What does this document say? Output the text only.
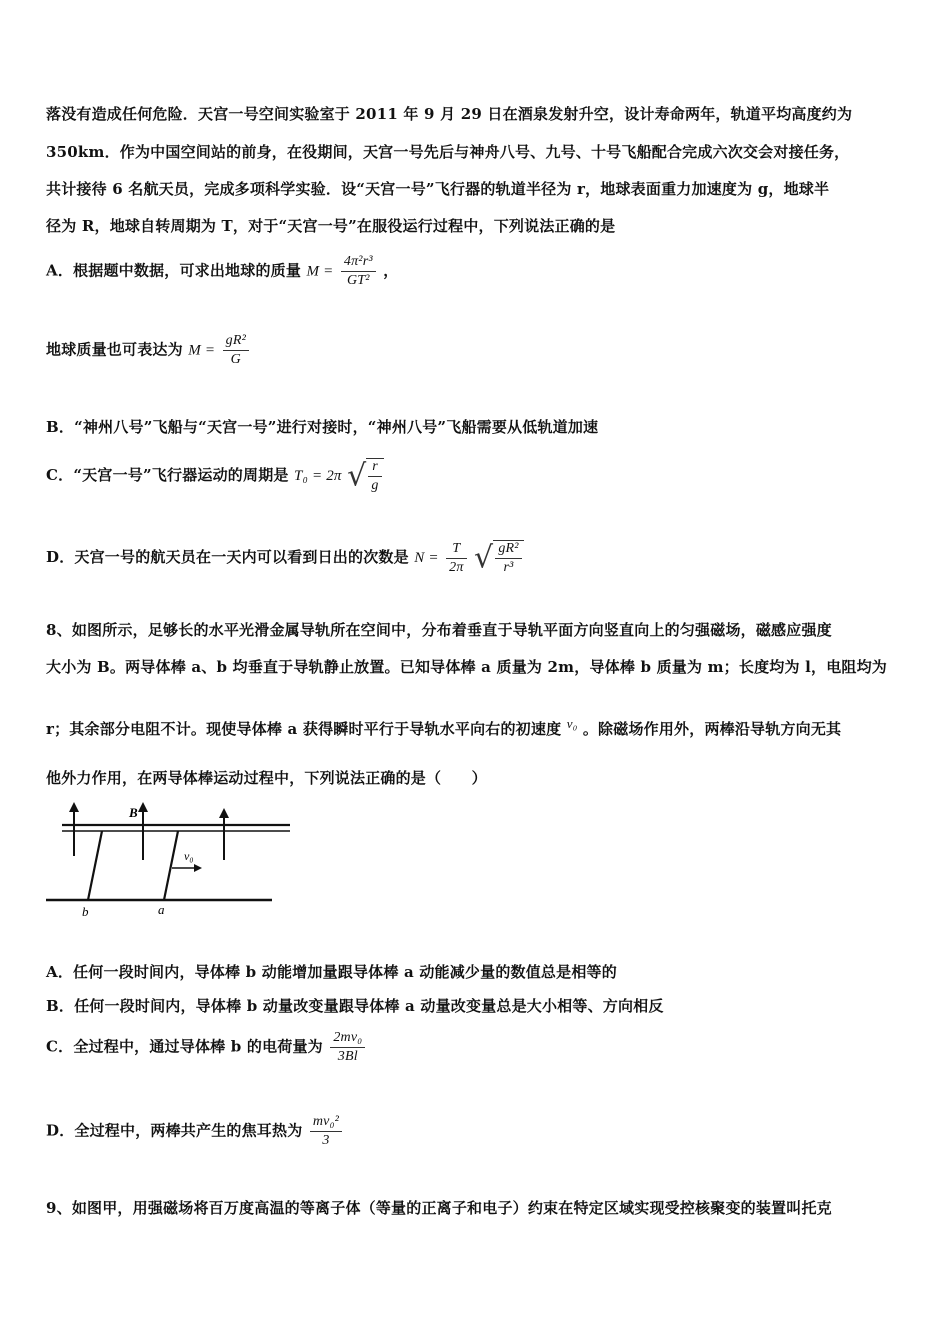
落没有造成任何危险．天宫一号空间实验室于 2011 年 9 月 29 日在酒泉发射升空，设计寿命两年，轨道平均高度约为
350km．作为中国空间站的前身，在役期间，天宫一号先后与神舟八号、九号、十号飞船配合完成六次交会对接任务，
共计接待 6 名航天员，完成多项科学实验．设“天宫一号”飞行器的轨道半径为 r，地球表面重力加速度为 g，地球半
径为 R，地球自转周期为 T，对于“天宫一号”在服役运行过程中，下列说法正确的是
A．根据题中数据，可求出地球的质量 $M = \frac{\text{4π²r³}}{\text{GT²}}$ ，
地球质量也可表达为 $M = \frac{\text{gR²}}{G}$
B．“神州八号”飞船与“天宫一号”进行对接时，“神州八号”飞船需要从低轨道加速
C．“天宫一号”飞行器运动的周期是 T₀ = 2π √ $\frac{r}{g}$
D．天宫一号的航天员在一天内可以看到日出的次数是 $N = \frac{T}{2\pi}$ √ $\frac{\text{gR²}}{\text{r³}}$
8、如图所示，足够长的水平光滑金属导轨所在空间中，分布着垂直于导轨平面方向竖直向上的匀强磁场，磁感应强度
大小为 B。两导体棒 a、b 均垂直于导轨静止放置。已知导体棒 a 质量为 2m，导体棒 b 质量为 m；长度均为 l，电阻均为
r；其余部分电阻不计。现使导体棒 a 获得瞬时平行于导轨水平向右的初速度 v₀ 。除磁场作用外，两棒沿导轨方向无其
他外力作用，在两导体棒运动过程中，下列说法正确的是（　　）
B
v₀
b	a
A．任何一段时间内，导体棒 b 动能增加量跟导体棒 a 动能减少量的数值总是相等的
B．任何一段时间内，导体棒 b 动量改变量跟导体棒 a 动量改变量总是大小相等、方向相反
C．全过程中，通过导体棒 b 的电荷量为 $\frac{\text{2mv₀}}{3Bl}$
D．全过程中，两棒共产生的焦耳热为 $\frac{\text{mv₀²}}{3}$
9、如图甲，用强磁场将百万度高温的等离子体（等量的正离子和电子）约束在特定区域实现受控核聚变的装置叫托克
